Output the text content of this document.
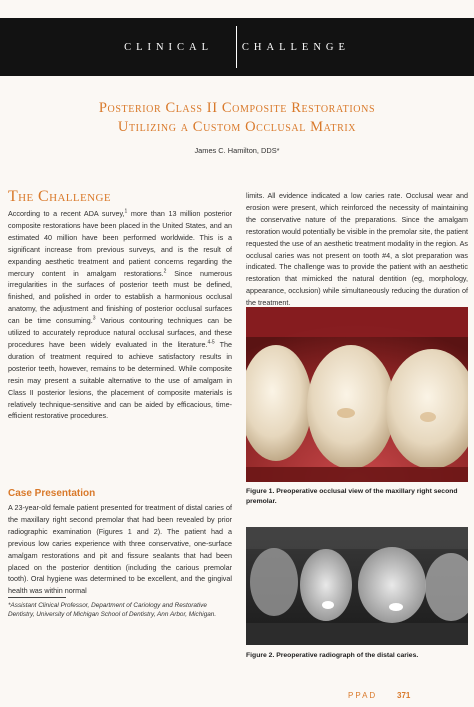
CLINICAL	CHALLENGE
Posterior Class II Composite Restorations
Utilizing a Custom Occlusal Matrix
James C. Hamilton, DDS*
The Challenge

According to a recent ADA survey,$^1$ more than 13 million posterior composite restorations have been placed in the United States, and an estimated 40 million have been performed worldwide. This is a significant increase from previous surveys, and is the result of expanding aesthetic treatment and patient concerns regarding the mercury content in amalgam restorations.$^2$ Since numerous irregularities in the surfaces of posterior teeth must be defined, finished, and polished in order to establish a harmonious occlusal anatomy, the adjustment and finishing of posterior occlusal surfaces can be time consuming.$^3$ Various contouring techniques can be utilized to accurately reproduce natural occlusal surfaces, and these procedures have been widely evaluated in the literature.$^{4-5}$ The duration of treatment required to achieve satisfactory results in posterior teeth, however, remains to be determined. While composite resin may present a suitable alternative to the use of amalgam in Class II posterior lesions, the placement of composite materials is relatively technique-sensitive and can be aided by efficacious, time-efficient restorative procedures.

Case Presentation

A 23-year-old female patient presented for treatment of distal caries of the maxillary right second premolar that had been revealed by prior radiographic examination (Figures 1 and 2). The patient had a previous low caries experience with three conservative, one-surface amalgam restorations and pit and fissure sealants that had been placed on the posterior dentition (including the carious premolar tooth). Oral hygiene was determined to be excellent, and the gingival health was within normal

*Assistant Clinical Professor, Department of Cariology and Restorative Dentistry, University of Michigan School of Dentistry, Ann Arbor, Michigan.

limits. All evidence indicated a low caries rate. Occlusal wear and erosion were present, which reinforced the necessity of maintaining the conservative nature of the preparations. Since the amalgam restoration would potentially be visible in the premolar site, the patient requested the use of an aesthetic treatment modality in the region. As occlusal caries was not present on tooth #4, a slot preparation was indicated. The challenge was to provide the patient with an aesthetic restoration that mimicked the natural dentition (eg, morphology, appearance, occlusion) while simultaneously reducing the duration of the treatment.

Figure 1. Preoperative occlusal view of the maxillary right second premolar.
Figure 2. Preoperative radiograph of the distal caries.
PPAD 371
